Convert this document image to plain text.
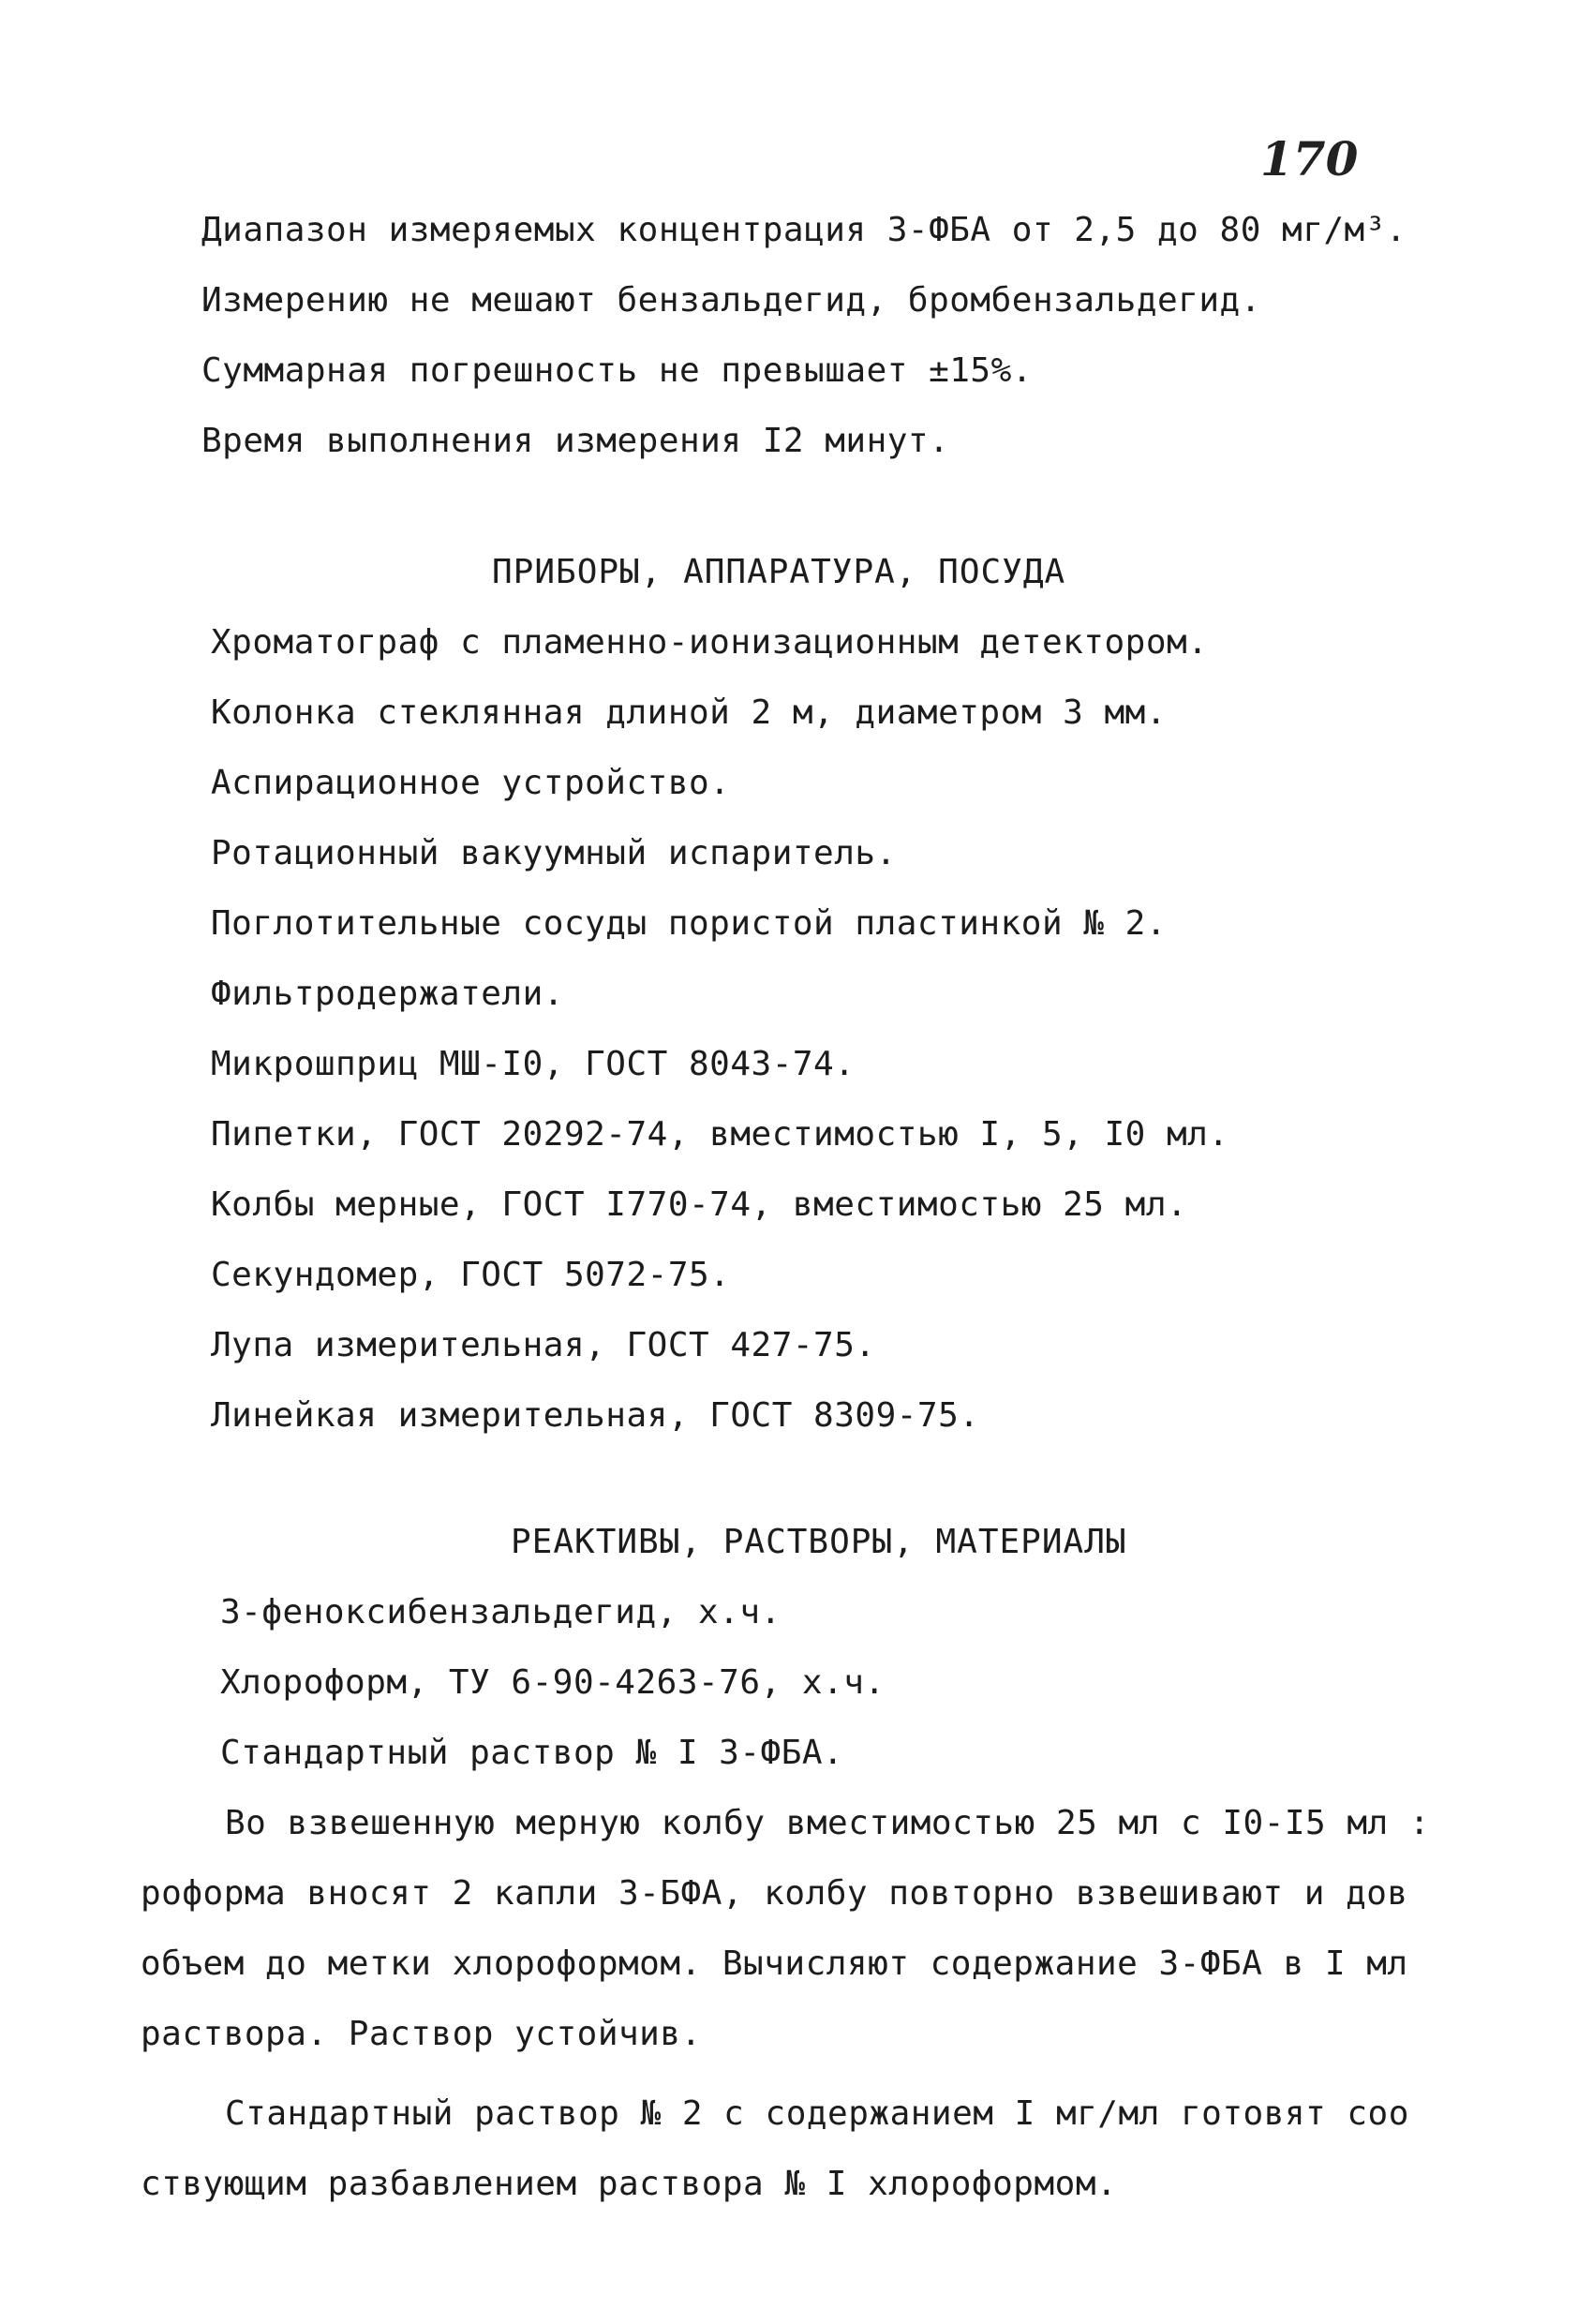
170
Диапазон измеряемых концентрация 3-ФБА от 2,5 до 80 мг/м³.
Измерению не мешают бензальдегид, бромбензальдегид.
Суммарная погрешность не превышает ±15%.
Время выполнения измерения I2 минут.
ПРИБОРЫ, АППАРАТУРА, ПОСУДА
Хроматограф с пламенно-ионизационным детектором.
Колонка стеклянная длиной 2 м, диаметром 3 мм.
Аспирационное устройство.
Ротационный вакуумный испаритель.
Поглотительные сосуды пористой пластинкой № 2.
Фильтродержатели.
Микрошприц МШ-I0, ГОСТ 8043-74.
Пипетки, ГОСТ 20292-74, вместимостью I, 5, I0 мл.
Колбы мерные, ГОСТ I770-74, вместимостью 25 мл.
Секундомер, ГОСТ 5072-75.
Лупа измерительная, ГОСТ 427-75.
Линейкая измерительная, ГОСТ 8309-75.
РЕАКТИВЫ, РАСТВОРЫ, МАТЕРИАЛЫ
3-феноксибензальдегид, х.ч.
Хлороформ, ТУ 6-90-4263-76, х.ч.
Стандартный раствор № I 3-ФБА.
Во взвешенную мерную колбу вместимостью 25 мл с I0-I5 мл :
роформа вносят 2 капли 3-БФА, колбу повторно взвешивают и дов
объем до метки хлороформом. Вычисляют содержание 3-ФБА в I мл
раствора. Раствор устойчив.
Стандартный раствор № 2 с содержанием I мг/мл готовят соо
ствующим разбавлением раствора № I хлороформом.
